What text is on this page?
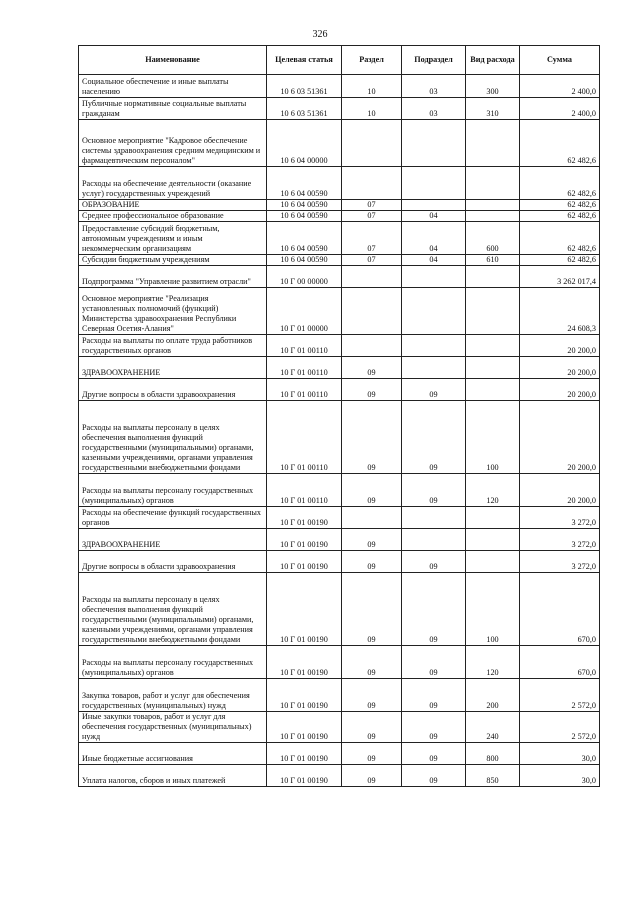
326
Наименование	Целевая статья	Раздел	Подраздел	Вид расхода	Сумма
Социальное обеспечение и иные выплаты населению	10 6 03 51361	10	03	300	2 400,0
Публичные нормативные социальные выплаты гражданам	10 6 03 51361	10	03	310	2 400,0
Основное мероприятие "Кадровое обеспечение системы здравоохранения средним медицинским и фармацевтическим персоналом"	10 6 04 00000				62 482,6
Расходы на обеспечение деятельности (оказание услуг) государственных учреждений	10 6 04 00590				62 482,6
ОБРАЗОВАНИЕ	10 6 04 00590	07			62 482,6
Среднее профессиональное образование	10 6 04 00590	07	04		62 482,6
Предоставление субсидий бюджетным, автономным учреждениям и иным некоммерческим организациям	10 6 04 00590	07	04	600	62 482,6
Субсидии бюджетным учреждениям	10 6 04 00590	07	04	610	62 482,6
Подпрограмма "Управление развитием отрасли"	10 Г 00 00000				3 262 017,4
Основное мероприятие "Реализация установленных полномочий (функций) Министерства здравоохранения Республики Северная Осетия-Алания"	10 Г 01 00000				24 608,3
Расходы на выплаты по оплате труда работников государственных органов	10 Г 01 00110				20 200,0
ЗДРАВООХРАНЕНИЕ	10 Г 01 00110	09			20 200,0
Другие вопросы в области здравоохранения	10 Г 01 00110	09	09		20 200,0
Расходы на выплаты персоналу в целях обеспечения выполнения функций государственными (муниципальными) органами, казенными учреждениями, органами управления государственными внебюджетными фондами	10 Г 01 00110	09	09	100	20 200,0
Расходы на выплаты персоналу государственных (муниципальных) органов	10 Г 01 00110	09	09	120	20 200,0
Расходы на обеспечение функций государственных органов	10 Г 01 00190				3 272,0
ЗДРАВООХРАНЕНИЕ	10 Г 01 00190	09			3 272,0
Другие вопросы в области здравоохранения	10 Г 01 00190	09	09		3 272,0
Расходы на выплаты персоналу в целях обеспечения выполнения функций государственными (муниципальными) органами, казенными учреждениями, органами управления государственными внебюджетными фондами	10 Г 01 00190	09	09	100	670,0
Расходы на выплаты персоналу государственных (муниципальных) органов	10 Г 01 00190	09	09	120	670,0
Закупка товаров, работ и услуг для обеспечения государственных (муниципальных) нужд	10 Г 01 00190	09	09	200	2 572,0
Иные закупки товаров, работ и услуг для обеспечения государственных (муниципальных) нужд	10 Г 01 00190	09	09	240	2 572,0
Иные бюджетные ассигнования	10 Г 01 00190	09	09	800	30,0
Уплата налогов, сборов и иных платежей	10 Г 01 00190	09	09	850	30,0
